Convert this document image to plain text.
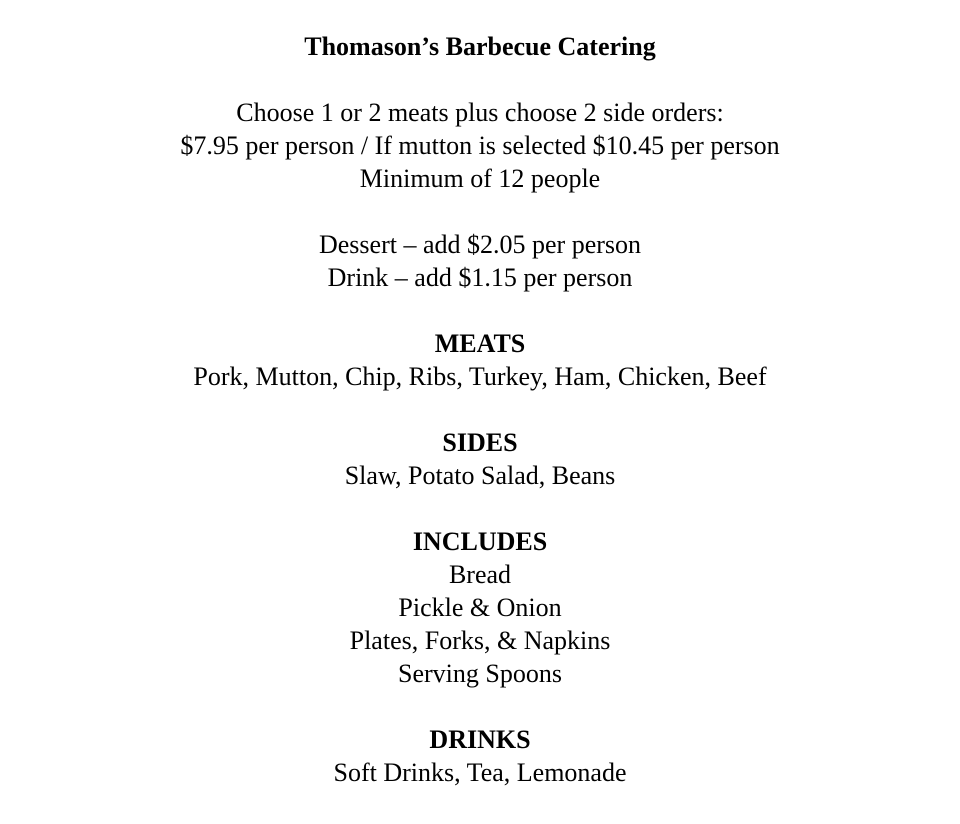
Thomason’s Barbecue Catering
Choose 1 or 2 meats plus choose 2 side orders:
$7.95 per person / If mutton is selected $10.45 per person
Minimum of 12 people
Dessert – add $2.05 per person
Drink – add $1.15 per person
MEATS
Pork, Mutton, Chip, Ribs, Turkey, Ham, Chicken, Beef
SIDES
Slaw, Potato Salad, Beans
INCLUDES
Bread
Pickle & Onion
Plates, Forks, & Napkins
Serving Spoons
DRINKS
Soft Drinks, Tea, Lemonade
